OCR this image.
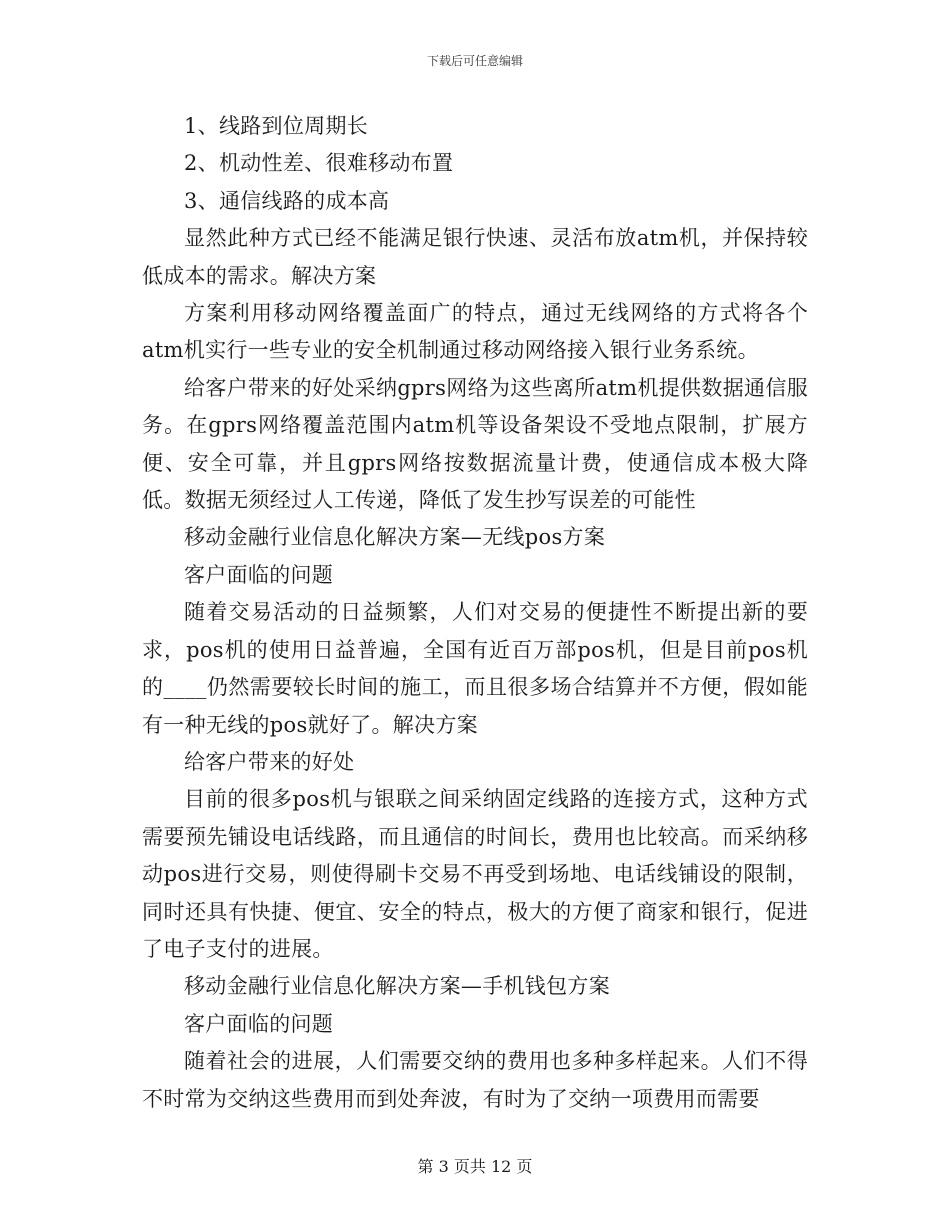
下载后可任意编辑

1、线路到位周期长

2、机动性差、很难移动布置

3、通信线路的成本高

显然此种方式已经不能满足银行快速、灵活布放atm机，并保持较低成本的需求。解决方案

方案利用移动网络覆盖面广的特点，通过无线网络的方式将各个atm机实行一些专业的安全机制通过移动网络接入银行业务系统。

给客户带来的好处采纳gprs网络为这些离所atm机提供数据通信服务。在gprs网络覆盖范围内atm机等设备架设不受地点限制，扩展方便、安全可靠，并且gprs网络按数据流量计费，使通信成本极大降低。数据无须经过人工传递，降低了发生抄写误差的可能性

移动金融行业信息化解决方案—无线pos方案

客户面临的问题

随着交易活动的日益频繁，人们对交易的便捷性不断提出新的要求，pos机的使用日益普遍，全国有近百万部pos机，但是目前pos机的____仍然需要较长时间的施工，而且很多场合结算并不方便，假如能有一种无线的pos就好了。解决方案

给客户带来的好处

目前的很多pos机与银联之间采纳固定线路的连接方式，这种方式需要预先铺设电话线路，而且通信的时间长，费用也比较高。而采纳移动pos进行交易，则使得刷卡交易不再受到场地、电话线铺设的限制，同时还具有快捷、便宜、安全的特点，极大的方便了商家和银行，促进了电子支付的进展。

移动金融行业信息化解决方案—手机钱包方案

客户面临的问题

随着社会的进展，人们需要交纳的费用也多种多样起来。人们不得不时常为交纳这些费用而到处奔波，有时为了交纳一项费用而需要

第 3 页共 12 页
